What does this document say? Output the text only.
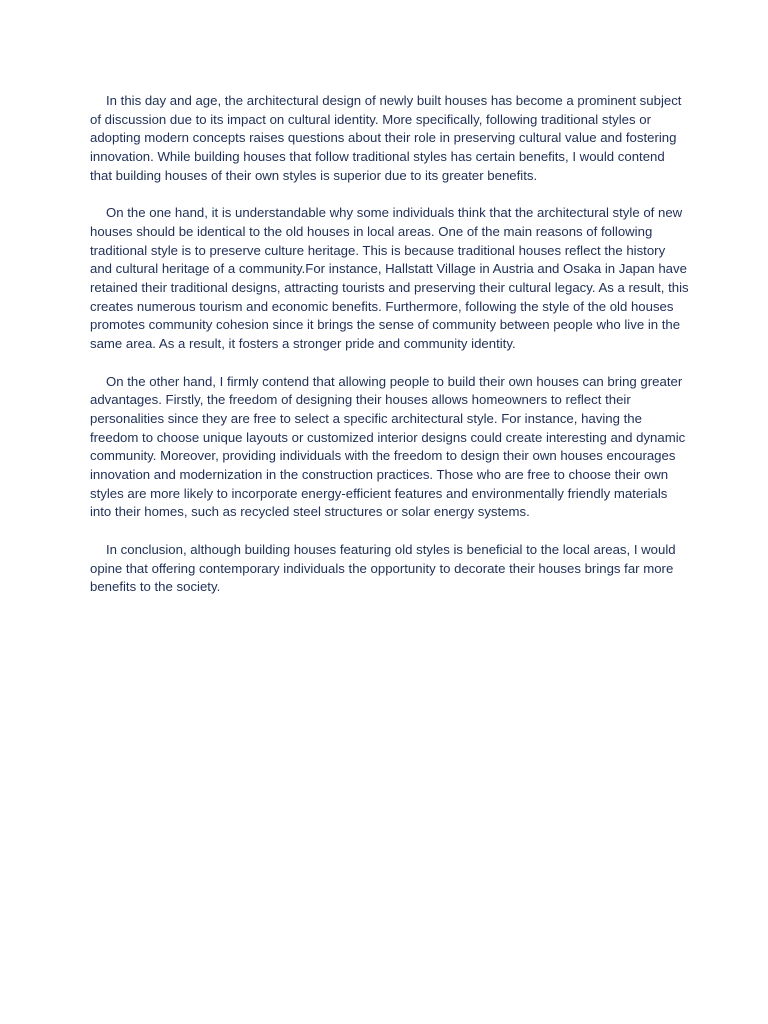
In this day and age, the architectural design of newly built houses has become a prominent subject of discussion due to its impact on cultural identity. More specifically, following traditional styles or adopting modern concepts raises questions about their role in preserving cultural value and fostering innovation. While building houses that follow traditional styles has certain benefits, I would contend that building houses of their own styles is superior due to its greater benefits.

On the one hand, it is understandable why some individuals think that the architectural style of new houses should be identical to the old houses in local areas. One of the main reasons of following traditional style is to preserve culture heritage. This is because traditional houses reflect the history and cultural heritage of a community.For instance, Hallstatt Village in Austria and Osaka in Japan have retained their traditional designs, attracting tourists and preserving their cultural legacy. As a result, this creates numerous tourism and economic benefits. Furthermore, following the style of the old houses promotes community cohesion since it brings the sense of community between people who live in the same area. As a result, it fosters a stronger pride and community identity.

On the other hand, I firmly contend that allowing people to build their own houses can bring greater advantages. Firstly, the freedom of designing their houses allows homeowners to reflect their personalities since they are free to select a specific architectural style. For instance, having the freedom to choose unique layouts or customized interior designs could create interesting and dynamic community. Moreover, providing individuals with the freedom to design their own houses encourages innovation and modernization in the construction practices. Those who are free to choose their own styles are more likely to incorporate energy-efficient features and environmentally friendly materials into their homes, such as recycled steel structures or solar energy systems.

In conclusion, although building houses featuring old styles is beneficial to the local areas, I would opine that offering contemporary individuals the opportunity to decorate their houses brings far more benefits to the society.
